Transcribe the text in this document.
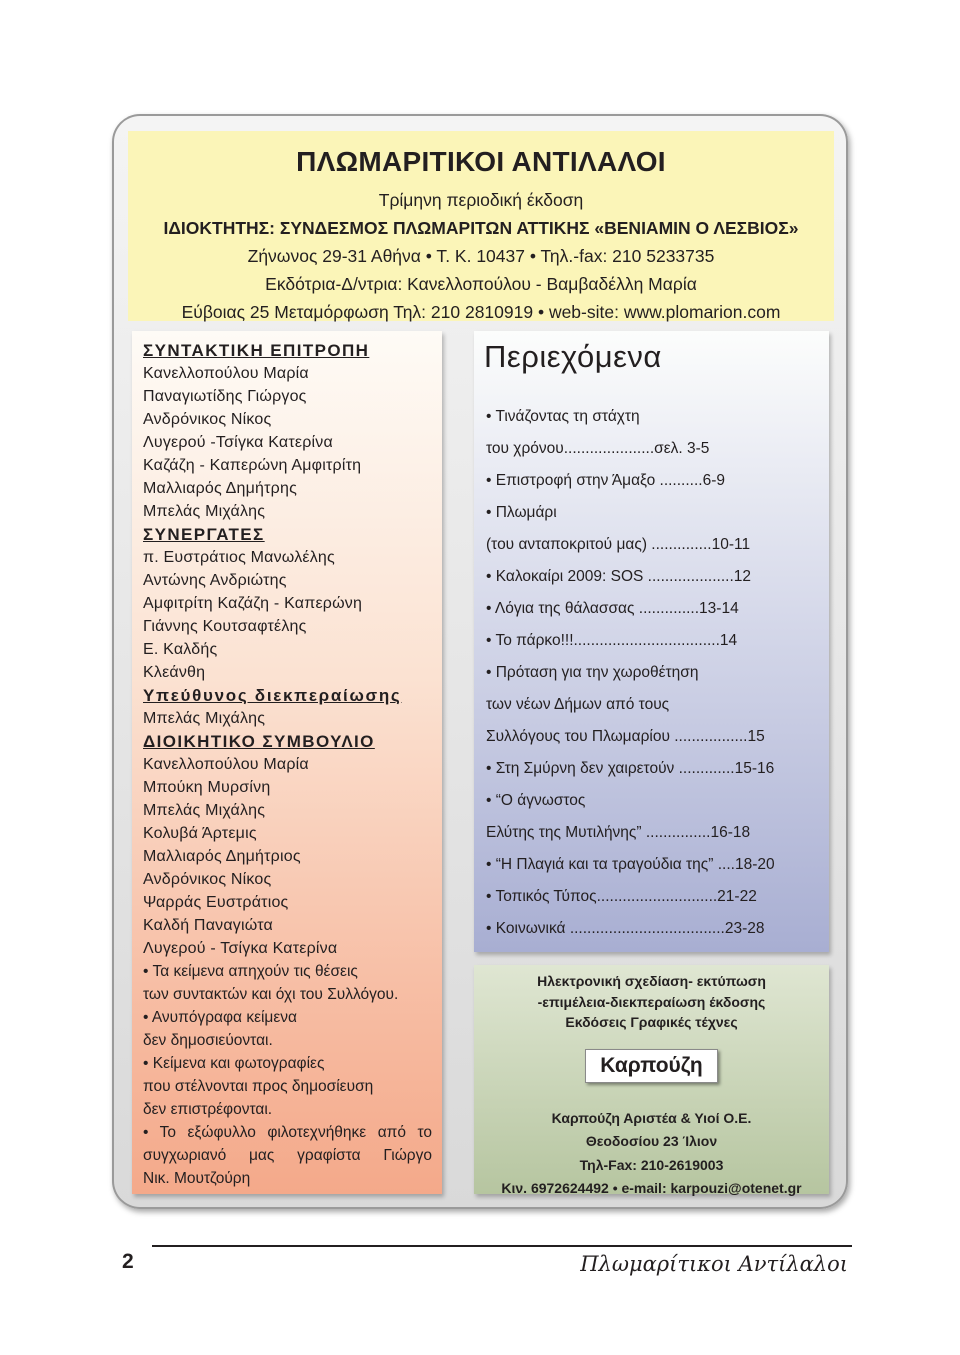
ΠΛΩΜΑΡΙΤΙΚΟΙ ΑΝΤΙΛΑΛΟΙ
Τρίμηνη περιοδική έκδοση
ΙΔΙΟΚΤΗΤΗΣ: ΣΥΝΔΕΣΜΟΣ ΠΛΩΜΑΡΙΤΩΝ ΑΤΤΙΚΗΣ «ΒΕΝΙΑΜΙΝ Ο ΛΕΣΒΙΟΣ»
Ζήνωνος 29-31 Αθήνα • Τ. Κ. 10437 • Τηλ.-fax: 210 5233735
Εκδότρια-Δ/ντρια: Κανελλοπούλου - Βαμβαδέλλη Μαρία
Εύβοιας 25 Μεταμόρφωση Τηλ: 210 2810919 • web-site: www.plomarion.com
ΣΥΝΤΑΚΤΙΚΗ ΕΠΙΤΡΟΠΗ
Κανελλοπούλου Μαρία
Παναγιωτίδης Γιώργος
Ανδρόνικος Νίκος
Λυγερού -Τσίγκα Κατερίνα
Καζάζη - Καπερώνη Αμφιτρίτη
Μαλλιαρός Δημήτρης
Μπελάς Μιχάλης
ΣΥΝΕΡΓΑΤΕΣ
π. Ευστράτιος Μανωλέλης
Αντώνης Ανδριώτης
Αμφιτρίτη Καζάζη - Καπερώνη
Γιάννης Κουτσαφτέλης
Ε. Καλδής
Κλεάνθη
Υπεύθυνος διεκπεραίωσης
Μπελάς Μιχάλης
ΔΙΟΙΚΗΤΙΚΟ ΣΥΜΒΟΥΛΙΟ
Κανελλοπούλου Μαρία
Μπούκη Μυρσίνη
Μπελάς Μιχάλης
Κολυβά Άρτεμις
Μαλλιαρός Δημήτριος
Ανδρόνικος Νίκος
Ψαρράς Ευστράτιος
Καλδή Παναγιώτα
Λυγερού - Τσίγκα Κατερίνα
• Τα κείμενα απηχούν τις θέσεις
των συντακτών και όχι του Συλλόγου.
• Ανυπόγραφα κείμενα
δεν δημοσιεύονται.
• Κείμενα και φωτογραφίες
που στέλνονται προς δημοσίευση
δεν επιστρέφονται.
• Το εξώφυλλο φιλοτεχνήθηκε από το
συγχωριανό μας γραφίστα Γιώργο
Νικ. Μουτζούρη
Περιεχόμενα
• Τινάζοντας τη στάχτη
του χρόνου.....................σελ. 3-5
• Επιστροφή στην Άμαξο ..........6-9
• Πλωμάρι
(του ανταποκριτού μας) ..............10-11
• Καλοκαίρι 2009: SOS ....................12
• Λόγια της θάλασσας ..............13-14
• Το πάρκο!!!..................................14
• Πρόταση για την χωροθέτηση
των νέων Δήμων από τους
Συλλόγους του Πλωμαρίου .................15
• Στη Σμύρνη δεν χαιρετούν .............15-16
• “Ο άγνωστος
Ελύτης της Μυτιλήνης” ...............16-18
• “Η Πλαγιά και τα τραγούδια της” ....18-20
• Τοπικός Τύπος............................21-22
• Κοινωνικά ....................................23-28
Ηλεκτρονική σχεδίαση- εκτύπωση
-επιμέλεια-διεκπεραίωση έκδοσης
Εκδόσεις Γραφικές τέχνες
Καρπούζη
Καρπούζη Αριστέα & Υιοί Ο.Ε.
Θεοδοσίου 23 Ίλιον
Τηλ-Fax: 210-2619003
Κιν. 6972624492 • e-mail: karpouzi@otenet.gr
2	Πλωμαρίτικοι Αντίλαλοι
